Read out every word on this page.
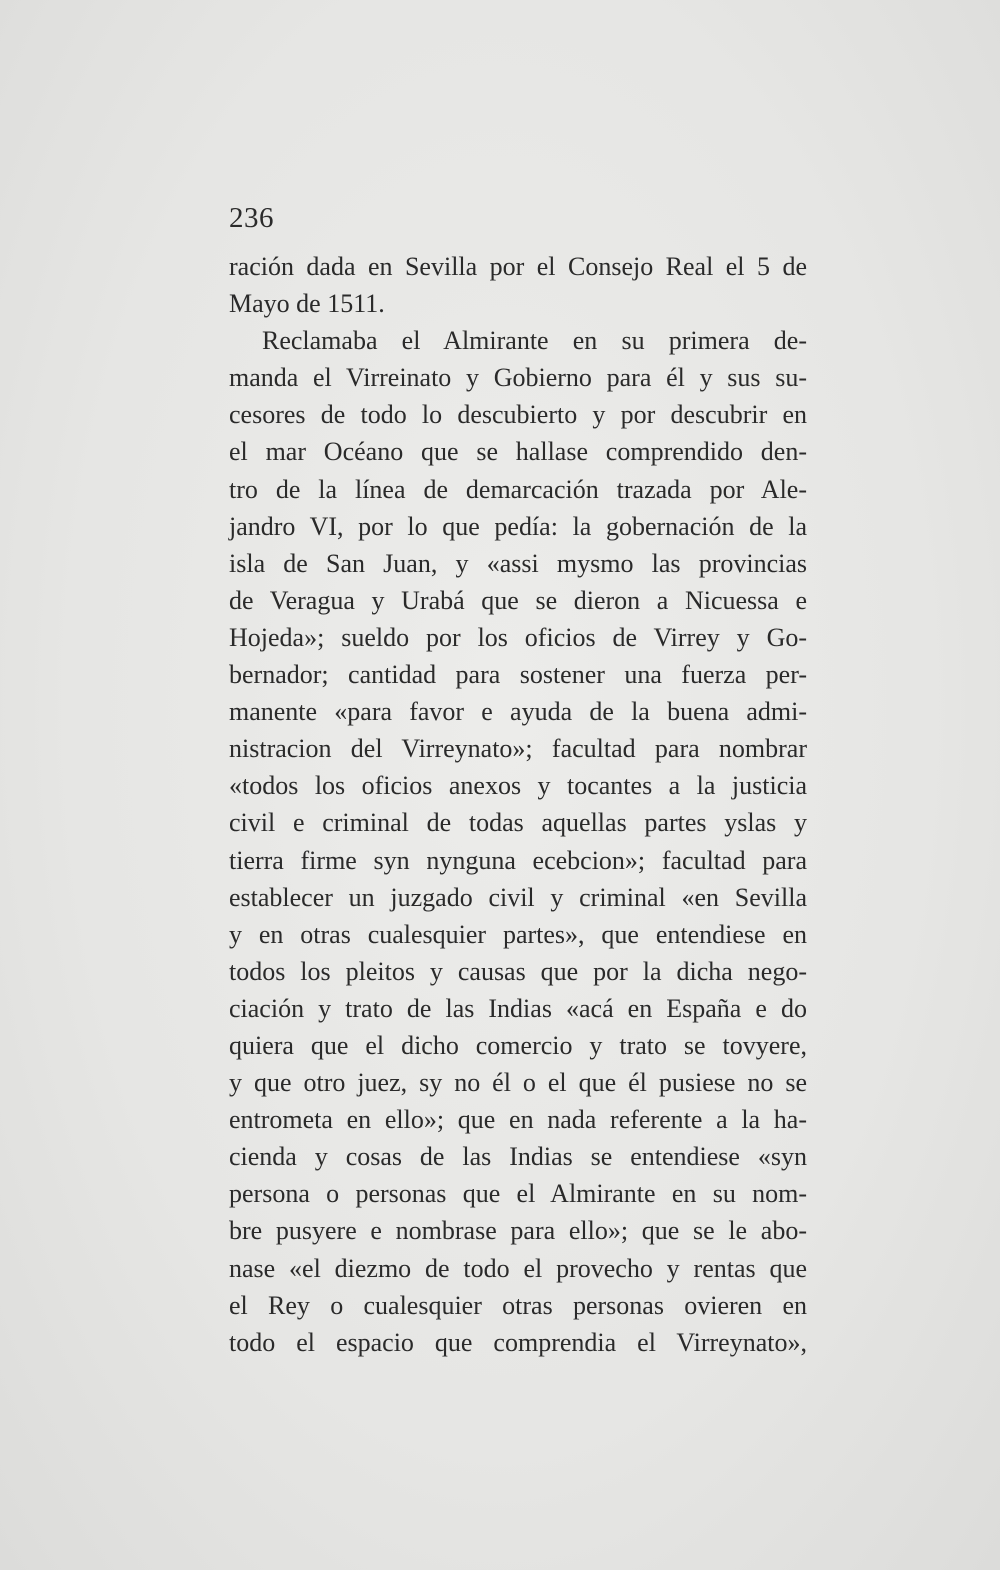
236
ración dada en Sevilla por el Consejo Real el 5 de
Mayo de 1511.
Reclamaba el Almirante en su primera de-
manda el Virreinato y Gobierno para él y sus su-
cesores de todo lo descubierto y por descubrir en
el mar Océano que se hallase comprendido den-
tro de la línea de demarcación trazada por Ale-
jandro VI, por lo que pedía: la gobernación de la
isla de San Juan, y «assi mysmo las provincias
de Veragua y Urabá que se dieron a Nicuessa e
Hojeda»; sueldo por los oficios de Virrey y Go-
bernador; cantidad para sostener una fuerza per-
manente «para favor e ayuda de la buena admi-
nistracion del Virreynato»; facultad para nombrar
«todos los oficios anexos y tocantes a la justicia
civil e criminal de todas aquellas partes yslas y
tierra firme syn nynguna ecebcion»; facultad para
establecer un juzgado civil y criminal «en Sevilla
y en otras cualesquier partes», que entendiese en
todos los pleitos y causas que por la dicha nego-
ciación y trato de las Indias «acá en España e do
quiera que el dicho comercio y trato se tovyere,
y que otro juez, sy no él o el que él pusiese no se
entrometa en ello»; que en nada referente a la ha-
cienda y cosas de las Indias se entendiese «syn
persona o personas que el Almirante en su nom-
bre pusyere e nombrase para ello»; que se le abo-
nase «el diezmo de todo el provecho y rentas que
el Rey o cualesquier otras personas ovieren en
todo el espacio que comprendia el Virreynato»,
